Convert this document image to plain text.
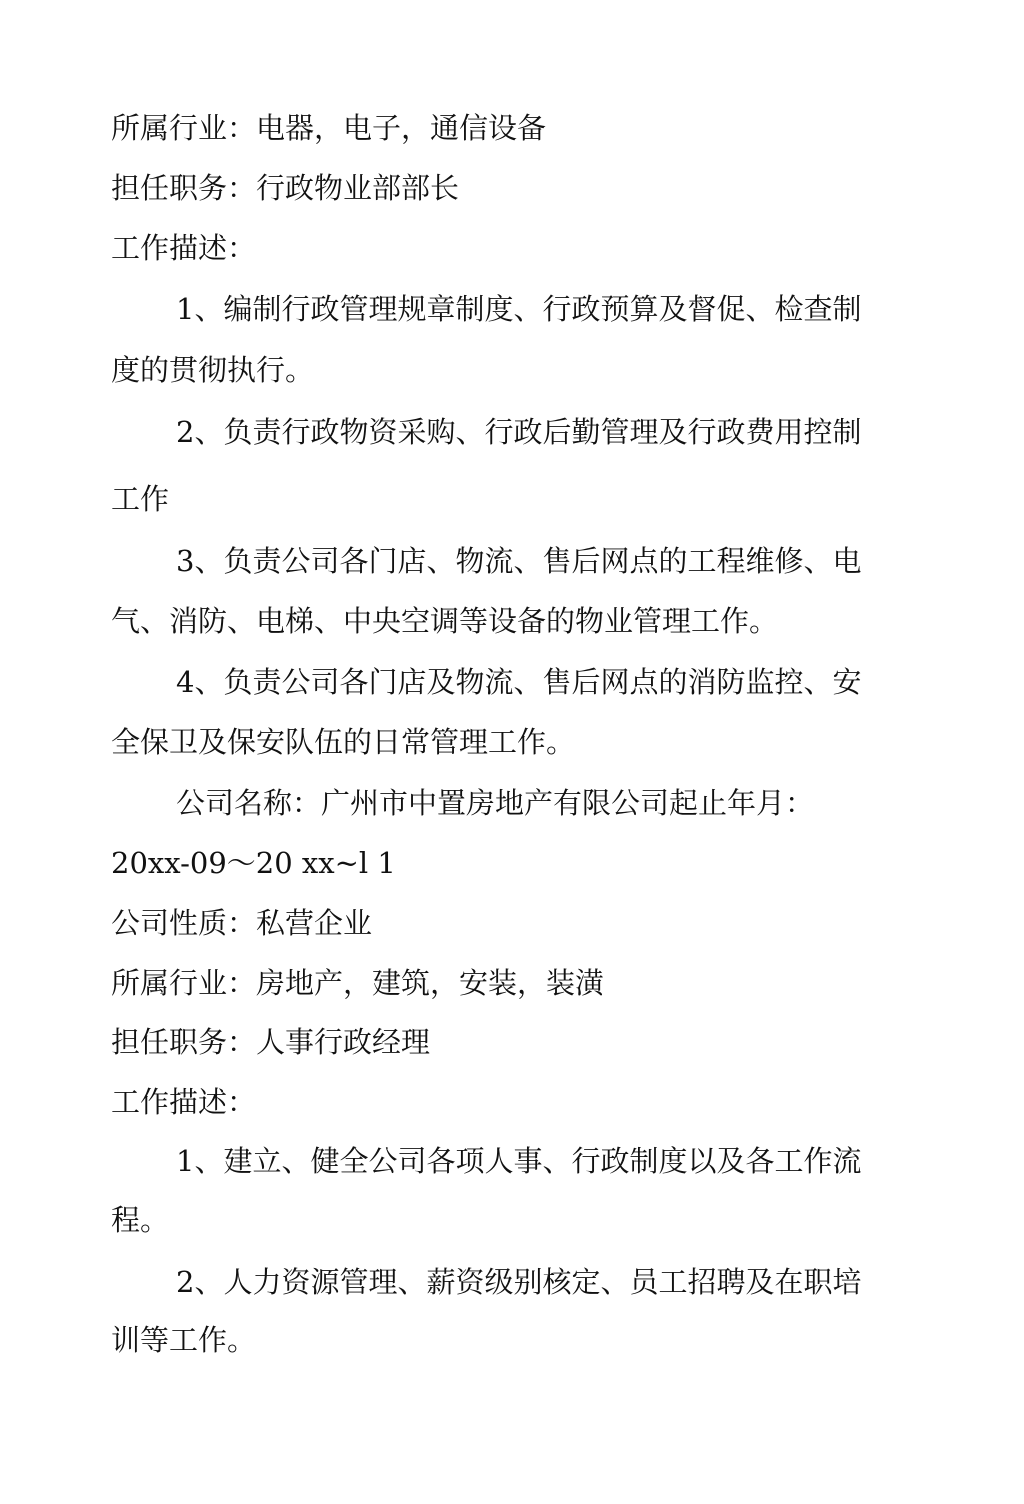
所属行业：电器，电子，通信设备
担任职务：行政物业部部长
工作描述：
1、编制行政管理规章制度、行政预算及督促、检查制
度的贯彻执行。
2、负责行政物资采购、行政后勤管理及行政费用控制
工作
3、负责公司各门店、物流、售后网点的工程维修、电
气、消防、电梯、中央空调等设备的物业管理工作。
4、负责公司各门店及物流、售后网点的消防监控、安
全保卫及保安队伍的日常管理工作。
公司名称：广州市中置房地产有限公司起止年月：
20xx-09～20 xx~l 1
公司性质：私营企业
所属行业：房地产，建筑，安装，装潢
担任职务：人事行政经理
工作描述：
1、建立、健全公司各项人事、行政制度以及各工作流
程。
2、人力资源管理、薪资级别核定、员工招聘及在职培
训等工作。
